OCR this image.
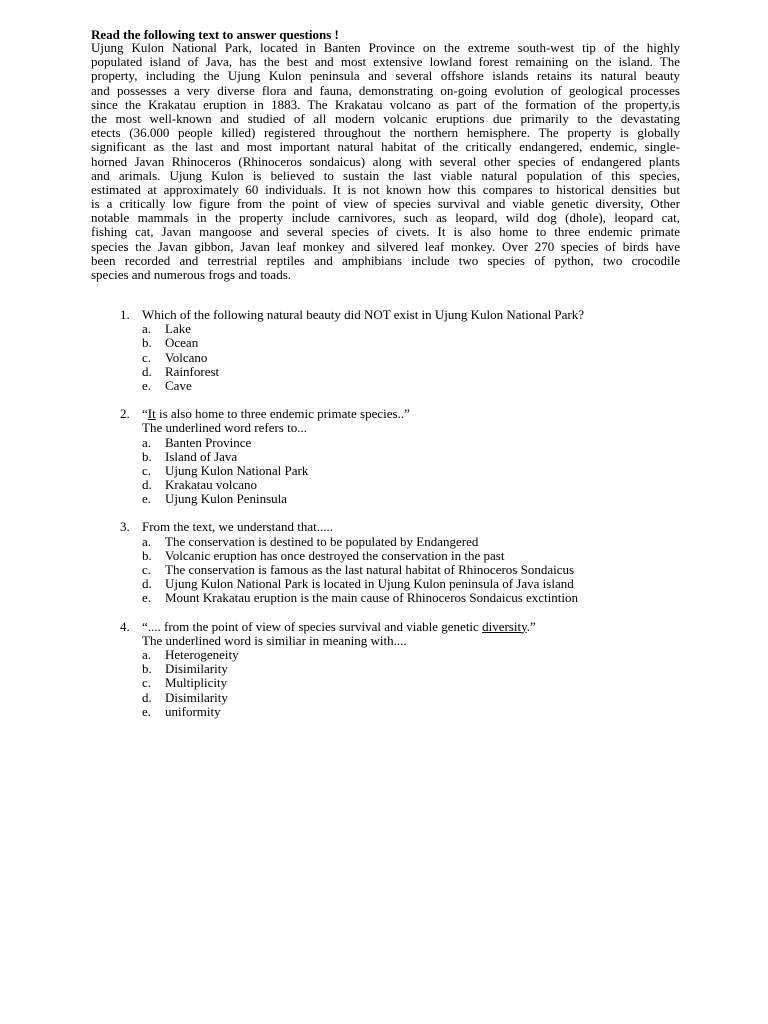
Read the following text to answer questions !
Ujung Kulon National Park, located in Banten Province on the extreme south-west tip of the highly
populated island of Java, has the best and most extensive lowland forest remaining on the island. The
property, including the Ujung Kulon peninsula and several offshore islands retains its natural beauty
and possesses a very diverse flora and fauna, demonstrating on-going evolution of geological processes
since the Krakatau eruption in 1883. The Krakatau volcano as part of the formation of the property,is
the most well-known and studied of all modern volcanic eruptions due primarily to the devastating
etects (36.000 people killed) registered throughout the northern hemisphere. The property is globally
significant as the last and most important natural habitat of the critically endangered, endemic, single-
horned Javan Rhinoceros (Rhinoceros sondaicus) along with several other species of endangered plants
and arimals. Ujung Kulon is believed to sustain the last viable natural population of this species,
estimated at approximately 60 individuals. It is not known how this compares to historical densities but
is a critically low figure from the point of view of species survival and viable genetic diversity, Other
notable mammals in the property include carnivores, such as leopard, wild dog (dhole), leopard cat,
fishing cat, Javan mangoose and several species of civets. It is also home to three endemic primate
species the Javan gibbon, Javan leaf monkey and silvered leaf monkey. Over 270 species of birds have
been recorded and terrestrial reptiles and amphibians include two species of python, two crocodile
species and numerous frogs and toads.
1. Which of the following natural beauty did NOT exist in Ujung Kulon National Park?
a. Lake
b. Ocean
c. Volcano
d. Rainforest
e. Cave
2. “It is also home to three endemic primate species..”
The underlined word refers to...
a. Banten Province
b. Island of Java
c. Ujung Kulon National Park
d. Krakatau volcano
e. Ujung Kulon Peninsula
3. From the text, we understand that.....
a. The conservation is destined to be populated by Endangered
b. Volcanic eruption has once destroyed the conservation in the past
c. The conservation is famous as the last natural habitat of Rhinoceros Sondaicus
d. Ujung Kulon National Park is located in Ujung Kulon peninsula of Java island
e. Mount Krakatau eruption is the main cause of Rhinoceros Sondaicus exctintion
4. “.... from the point of view of species survival and viable genetic diversity.”
The underlined word is similiar in meaning with....
a. Heterogeneity
b. Disimilarity
c. Multiplicity
d. Disimilarity
e. uniformity
